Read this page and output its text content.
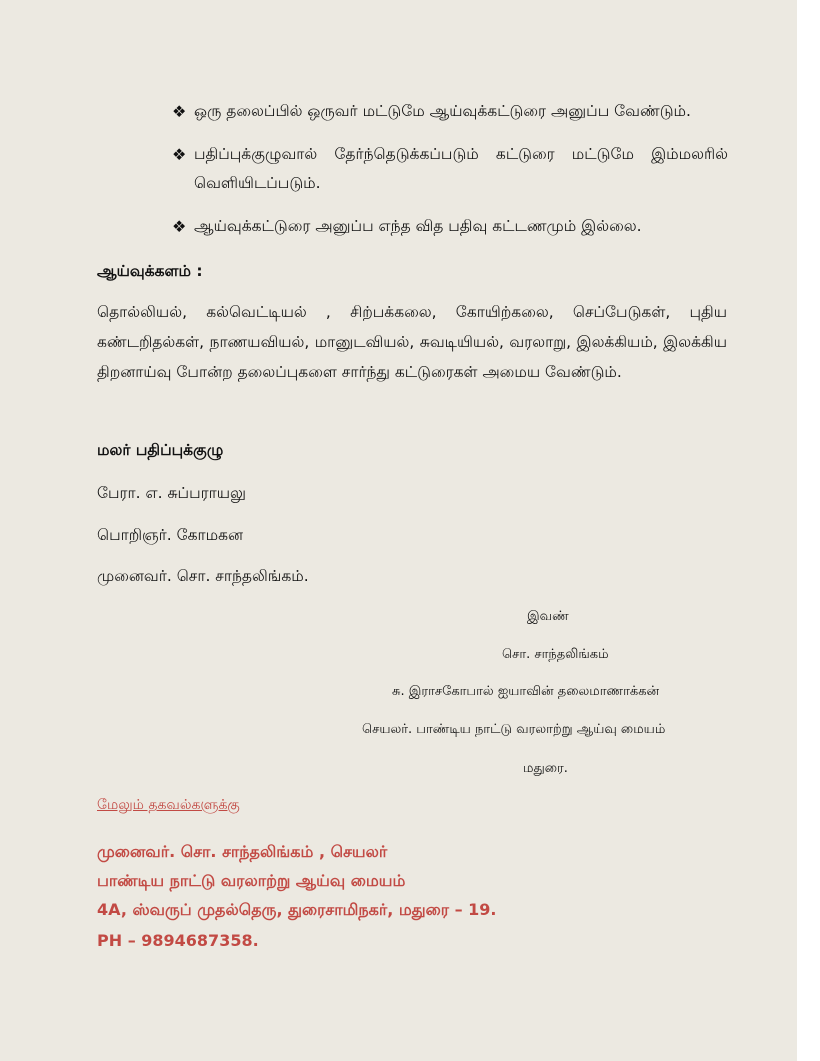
❖ ஒரு தலைப்பில் ஒருவர் மட்டுமே ஆய்வுக்கட்டுரை அனுப்ப வேண்டும்.
❖ பதிப்புக்குழுவால் தேர்ந்தெடுக்கப்படும் கட்டுரை மட்டுமே இம்மலரில் வெளியிடப்படும்.
❖ ஆய்வுக்கட்டுரை அனுப்ப எந்த வித பதிவு கட்டணமும் இல்லை.
ஆய்வுக்களம் :
தொல்லியல், கல்வெட்டியல் , சிற்பக்கலை, கோயிற்கலை, செப்பேடுகள், புதிய கண்டறிதல்கள், நாணயவியல், மானுடவியல், சுவடியியல், வரலாறு, இலக்கியம், இலக்கிய திறனாய்வு போன்ற தலைப்புகளை சார்ந்து கட்டுரைகள் அமைய வேண்டும்.
மலர் பதிப்புக்குழு
பேரா. எ. சுப்பராயலு
பொறிஞர். கோமகன
முனைவர். சொ. சாந்தலிங்கம்.
இவண்
சொ. சாந்தலிங்கம்
சு. இராசகோபால் ஐயாவின் தலைமாணாக்கன்
செயலர். பாண்டிய நாட்டு வரலாற்று ஆய்வு மையம்
மதுரை.
மேலும் தகவல்களுக்கு
முனைவர். சொ. சாந்தலிங்கம் , செயலர்
பாண்டிய நாட்டு வரலாற்று ஆய்வு மையம்
4A, ஸ்வருப் முதல்தெரு, துரைசாமிநகர், மதுரை – 19.
PH – 9894687358.
